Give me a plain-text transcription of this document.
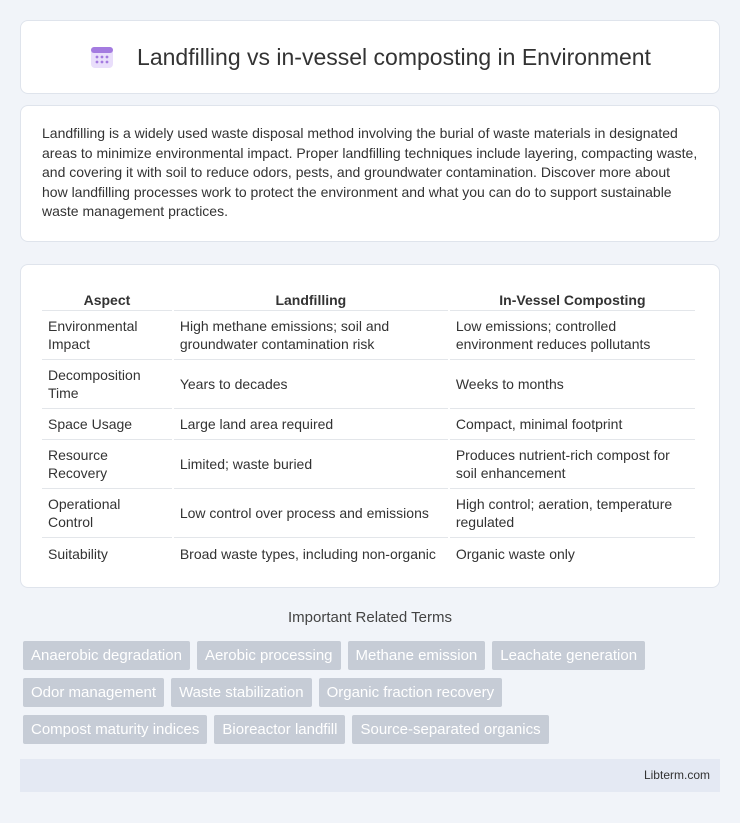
Landfilling vs in-vessel composting in Environment

Landfilling is a widely used waste disposal method involving the burial of waste materials in designated areas to minimize environmental impact. Proper landfilling techniques include layering, compacting waste, and covering it with soil to reduce odors, pests, and groundwater contamination. Discover more about how landfilling processes work to protect the environment and what you can do to support sustainable waste management practices.

Aspect	Landfilling	In-Vessel Composting
Environmental Impact	High methane emissions; soil and groundwater contamination risk	Low emissions; controlled environment reduces pollutants
Decomposition Time	Years to decades	Weeks to months
Space Usage	Large land area required	Compact, minimal footprint
Resource Recovery	Limited; waste buried	Produces nutrient-rich compost for soil enhancement
Operational Control	Low control over process and emissions	High control; aeration, temperature regulated
Suitability	Broad waste types, including non-organic	Organic waste only
Important Related Terms
Anaerobic degradation	Aerobic processing	Methane emission	Leachate generation
Odor management	Waste stabilization	Organic fraction recovery
Compost maturity indices	Bioreactor landfill	Source-separated organics
Libterm.com
